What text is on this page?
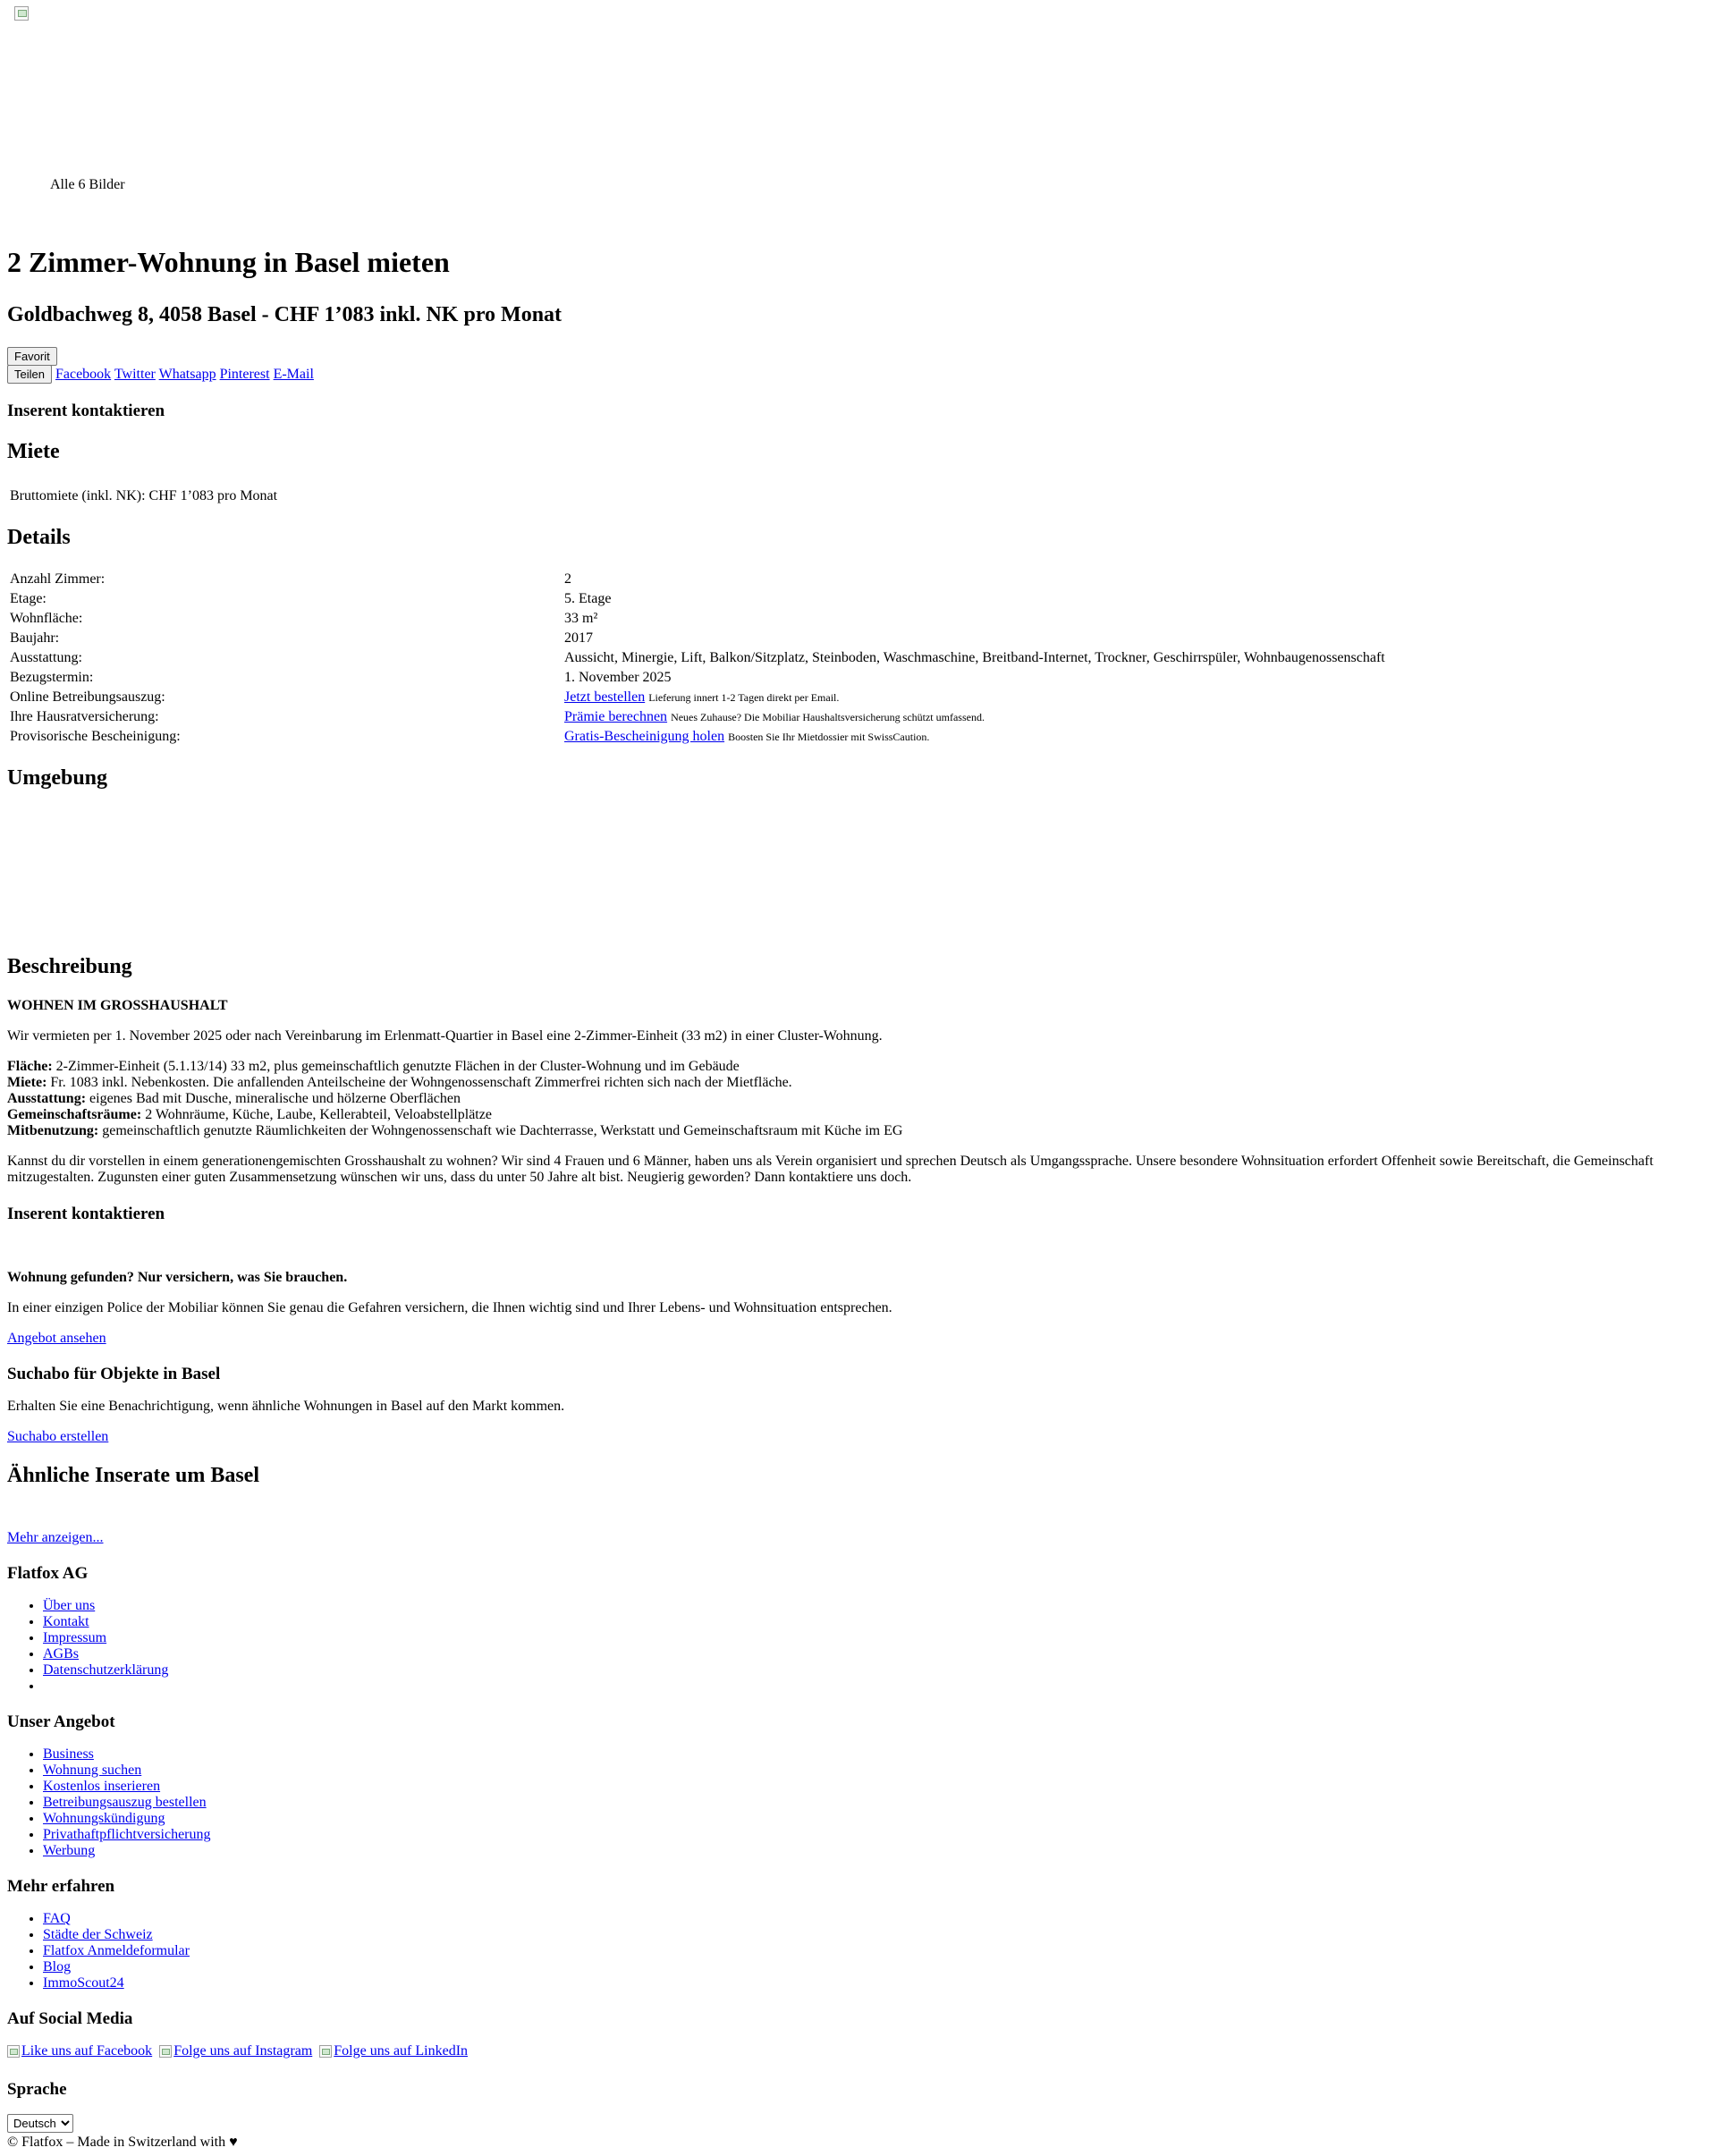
Alle 6 Bilder
2 Zimmer-Wohnung in Basel mieten
Goldbachweg 8, 4058 Basel - CHF 1’083 inkl. NK pro Monat
Favorit
Teilen Facebook Twitter Whatsapp Pinterest E-Mail
Inserent kontaktieren
Miete
Bruttomiete (inkl. NK): CHF 1’083 pro Monat
Details
Anzahl Zimmer:	2
Etage:	5. Etage
Wohnfläche:	33 m²
Baujahr:	2017
Ausstattung:	Aussicht, Minergie, Lift, Balkon/Sitzplatz, Steinboden, Waschmaschine, Breitband-Internet, Trockner, Geschirrspüler, Wohnbaugenossenschaft
Bezugstermin:	1. November 2025
Online Betreibungsauszug:	Jetzt bestellen Lieferung innert 1-2 Tagen direkt per Email.
Ihre Hausratversicherung:	Prämie berechnen Neues Zuhause? Die Mobiliar Haushaltsversicherung schützt umfassend.
Provisorische Bescheinigung:	Gratis-Bescheinigung holen Boosten Sie Ihr Mietdossier mit SwissCaution.
Umgebung
Beschreibung

WOHNEN IM GROSSHAUSHALT

Wir vermieten per 1. November 2025 oder nach Vereinbarung im Erlenmatt-Quartier in Basel eine 2-Zimmer-Einheit (33 m2) in einer Cluster-Wohnung.

Fläche: 2-Zimmer-Einheit (5.1.13/14) 33 m2, plus gemeinschaftlich genutzte Flächen in der Cluster-Wohnung und im Gebäude
Miete: Fr. 1083 inkl. Nebenkosten. Die anfallenden Anteilscheine der Wohngenossenschaft Zimmerfrei richten sich nach der Mietfläche.
Ausstattung: eigenes Bad mit Dusche, mineralische und hölzerne Oberflächen
Gemeinschaftsräume: 2 Wohnräume, Küche, Laube, Kellerabteil, Veloabstellplätze
Mitbenutzung: gemeinschaftlich genutzte Räumlichkeiten der Wohngenossenschaft wie Dachterrasse, Werkstatt und Gemeinschaftsraum mit Küche im EG

Kannst du dir vorstellen in einem generationengemischten Grosshaushalt zu wohnen? Wir sind 4 Frauen und 6 Männer, haben uns als Verein organisiert und sprechen Deutsch als Umgangssprache. Unsere besondere Wohnsituation erfordert Offenheit sowie Bereitschaft, die Gemeinschaft mitzugestalten. Zugunsten einer guten Zusammensetzung wünschen wir uns, dass du unter 50 Jahre alt bist. Neugierig geworden? Dann kontaktiere uns doch.

Inserent kontaktieren
Wohnung gefunden? Nur versichern, was Sie brauchen.

In einer einzigen Police der Mobiliar können Sie genau die Gefahren versichern, die Ihnen wichtig sind und Ihrer Lebens- und Wohnsituation entsprechen.

Angebot ansehen
Suchabo für Objekte in Basel

Erhalten Sie eine Benachrichtigung, wenn ähnliche Wohnungen in Basel auf den Markt kommen.

Suchabo erstellen

Ähnliche Inserate um Basel
Mehr anzeigen...
Flatfox AG
• Über uns
• Kontakt
• Impressum
• AGBs
• Datenschutzerklärung
•
Unser Angebot
• Business
• Wohnung suchen
• Kostenlos inserieren
• Betreibungsauszug bestellen
• Wohnungskündigung
• Privathaftpflichtversicherung
• Werbung
Mehr erfahren
• FAQ
• Städte der Schweiz
• Flatfox Anmeldeformular
• Blog
• ImmoScout24
Auf Social Media
Like uns auf Facebook
Folge uns auf Instagram
Folge uns auf LinkedIn
Sprache
Deutsch
© Flatfox – Made in Switzerland with ♥
